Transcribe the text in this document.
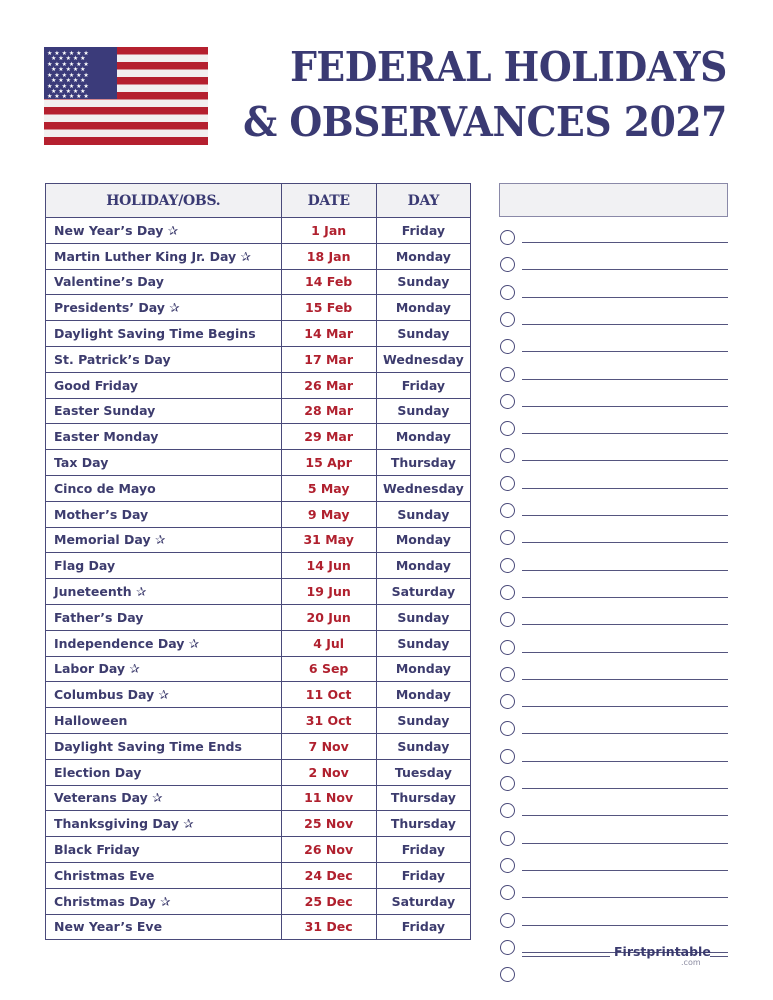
★ ★ ★ ★ ★ ★
★ ★ ★ ★ ★
★ ★ ★ ★ ★ ★
★ ★ ★ ★ ★
★ ★ ★ ★ ★ ★
★ ★ ★ ★ ★
★ ★ ★ ★ ★ ★
★ ★ ★ ★ ★
★ ★ ★ ★ ★ ★
FEDERAL HOLIDAYS
& OBSERVANCES 2027
HOLIDAY/OBS.	DATE	DAY
New Year’s Day ✰	1 Jan	Friday
Martin Luther King Jr. Day ✰	18 Jan	Monday
Valentine’s Day	14 Feb	Sunday
Presidents’ Day ✰	15 Feb	Monday
Daylight Saving Time Begins	14 Mar	Sunday
St. Patrick’s Day	17 Mar	Wednesday
Good Friday	26 Mar	Friday
Easter Sunday	28 Mar	Sunday
Easter Monday	29 Mar	Monday
Tax Day	15 Apr	Thursday
Cinco de Mayo	5 May	Wednesday
Mother’s Day	9 May	Sunday
Memorial Day ✰	31 May	Monday
Flag Day	14 Jun	Monday
Juneteenth ✰	19 Jun	Saturday
Father’s Day	20 Jun	Sunday
Independence Day ✰	4 Jul	Sunday
Labor Day ✰	6 Sep	Monday
Columbus Day ✰	11 Oct	Monday
Halloween	31 Oct	Sunday
Daylight Saving Time Ends	7 Nov	Sunday
Election Day	2 Nov	Tuesday
Veterans Day ✰	11 Nov	Thursday
Thanksgiving Day ✰	25 Nov	Thursday
Black Friday	26 Nov	Friday
Christmas Eve	24 Dec	Friday
Christmas Day ✰	25 Dec	Saturday
New Year’s Eve	31 Dec	Friday
Firstprintable
.com
